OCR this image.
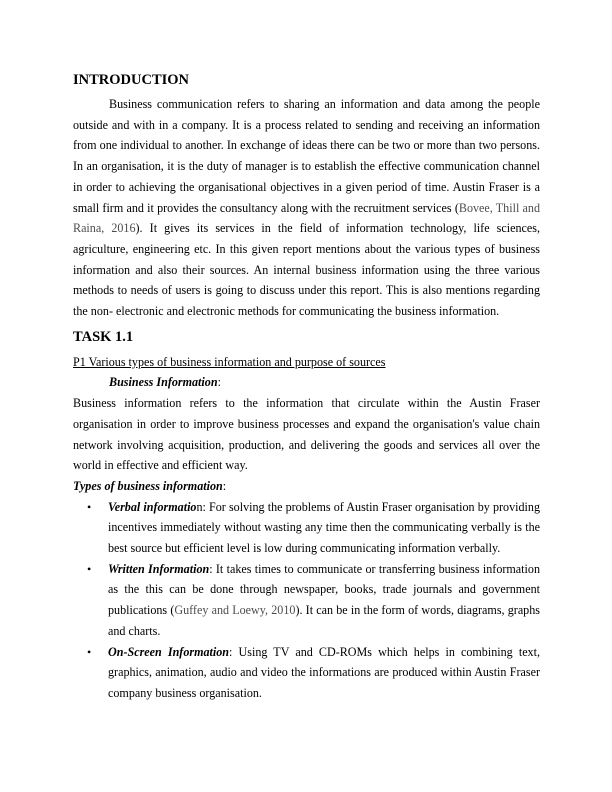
INTRODUCTION

Business communication refers to sharing an information and data among the people outside and with in a company. It is a process related to sending and receiving an information from one individual to another. In exchange of ideas there can be two or more than two persons. In an organisation, it is the duty of manager is to establish the effective communication channel in order to achieving the organisational objectives in a given period of time. Austin Fraser is a small firm and it provides the consultancy along with the recruitment services (Bovee, Thill and Raina, 2016). It gives its services in the field of information technology, life sciences, agriculture, engineering etc. In this given report mentions about the various types of business information and also their sources. An internal business information using the three various methods to needs of users is going to discuss under this report. This is also mentions regarding the non- electronic and electronic methods for communicating the business information.

TASK 1.1

P1 Various types of business information and purpose of sources

Business Information:

Business information refers to the information that circulate within the Austin Fraser organisation in order to improve business processes and expand the organisation's value chain network involving acquisition, production, and delivering the goods and services all over the world in effective and efficient way.

Types of business information:

• Verbal information: For solving the problems of Austin Fraser organisation by providing incentives immediately without wasting any time then the communicating verbally is the best source but efficient level is low during communicating information verbally.
• Written Information: It takes times to communicate or transferring business information as the this can be done through newspaper, books, trade journals and government publications (Guffey and Loewy, 2010). It can be in the form of words, diagrams, graphs and charts.
• On-Screen Information: Using TV and CD-ROMs which helps in combining text, graphics, animation, audio and video the informations are produced within Austin Fraser company business organisation.
